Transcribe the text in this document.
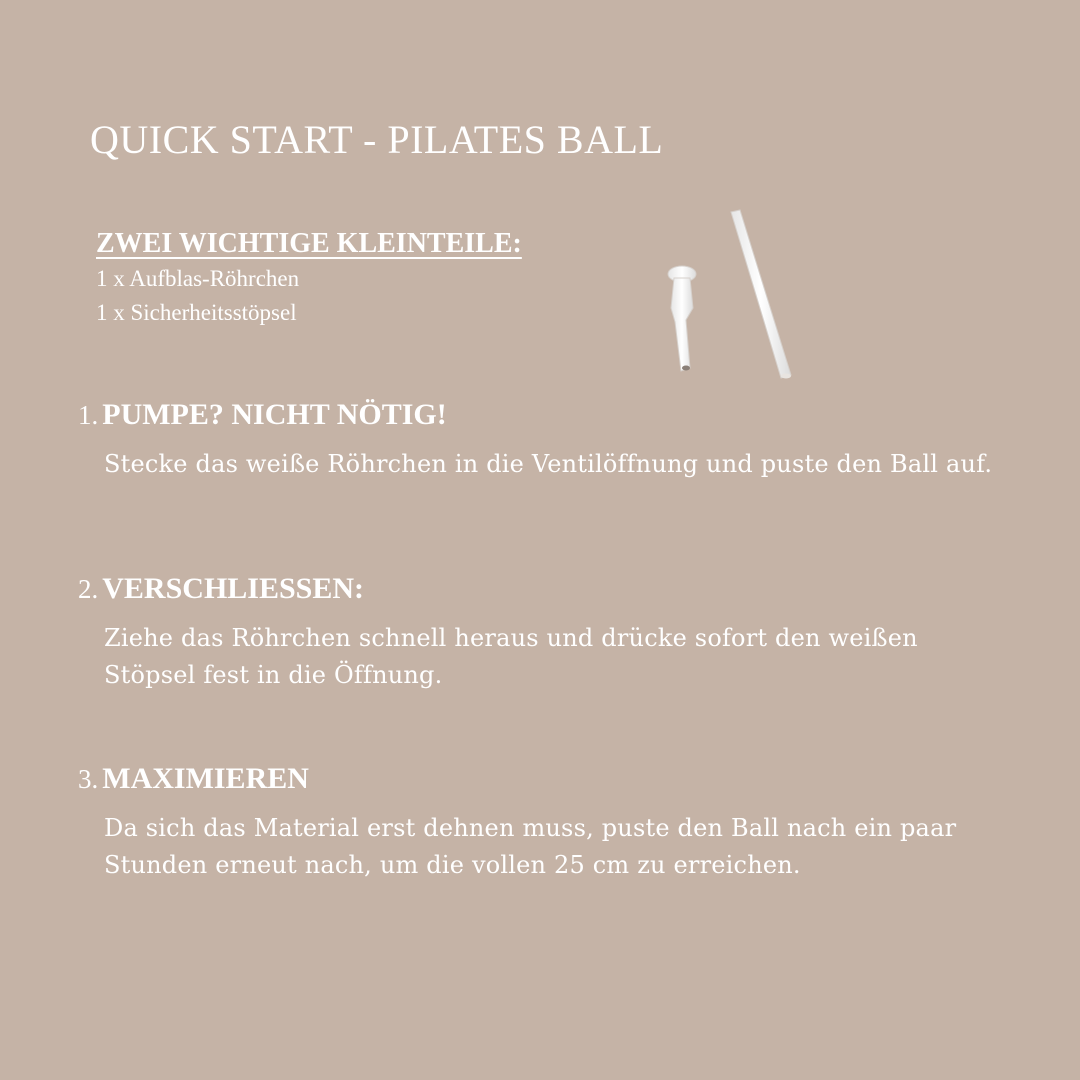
QUICK START - PILATES BALL
ZWEI WICHTIGE KLEINTEILE:
1 x Aufblas-Röhrchen
1 x Sicherheitsstöpsel
1. PUMPE? NICHT NÖTIG!
Stecke das weiße Röhrchen in die Ventilöffnung und puste den Ball auf.
2. VERSCHLIESSEN:
Ziehe das Röhrchen schnell heraus und drücke sofort den weißen Stöpsel fest in die Öffnung.
3. MAXIMIEREN
Da sich das Material erst dehnen muss, puste den Ball nach ein paar Stunden erneut nach, um die vollen 25 cm zu erreichen.
